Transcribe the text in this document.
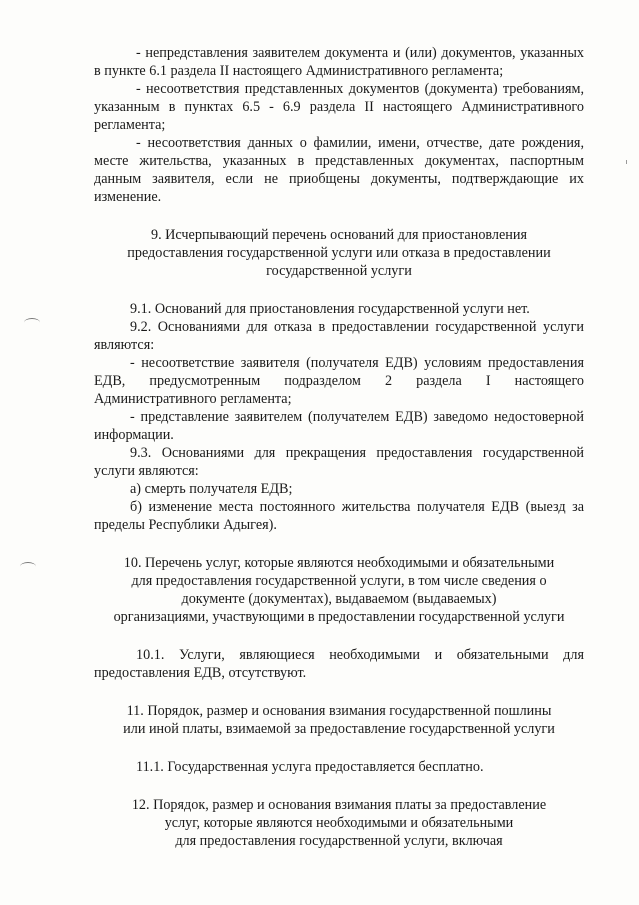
- непредставления заявителем документа и (или) документов, указанных в пункте 6.1 раздела II настоящего Административного регламента;

- несоответствия представленных документов (документа) требованиям, указанным в пунктах 6.5 - 6.9 раздела II настоящего Административного регламента;

- несоответствия данных о фамилии, имени, отчестве, дате рождения, месте жительства, указанных в представленных документах, паспортным данным заявителя, если не приобщены документы, подтверждающие их изменение.

9. Исчерпывающий перечень оснований для приостановления
предоставления государственной услуги или отказа в предоставлении
государственной услуги

9.1. Оснований для приостановления государственной услуги нет.

9.2. Основаниями для отказа в предоставлении государственной услуги являются:

- несоответствие заявителя (получателя ЕДВ) условиям предоставления ЕДВ, предусмотренным подразделом 2 раздела I настоящего Административного регламента;

- представление заявителем (получателем ЕДВ) заведомо недостоверной информации.

9.3. Основаниями для прекращения предоставления государственной услуги являются:

а) смерть получателя ЕДВ;

б) изменение места постоянного жительства получателя ЕДВ (выезд за пределы Республики Адыгея).

10. Перечень услуг, которые являются необходимыми и обязательными
для предоставления государственной услуги, в том числе сведения о
документе (документах), выдаваемом (выдаваемых)
организациями, участвующими в предоставлении государственной услуги

10.1. Услуги, являющиеся необходимыми и обязательными для предоставления ЕДВ, отсутствуют.

11. Порядок, размер и основания взимания государственной пошлины
или иной платы, взимаемой за предоставление государственной услуги

11.1. Государственная услуга предоставляется бесплатно.

12. Порядок, размер и основания взимания платы за предоставление
услуг, которые являются необходимыми и обязательными
для предоставления государственной услуги, включая
